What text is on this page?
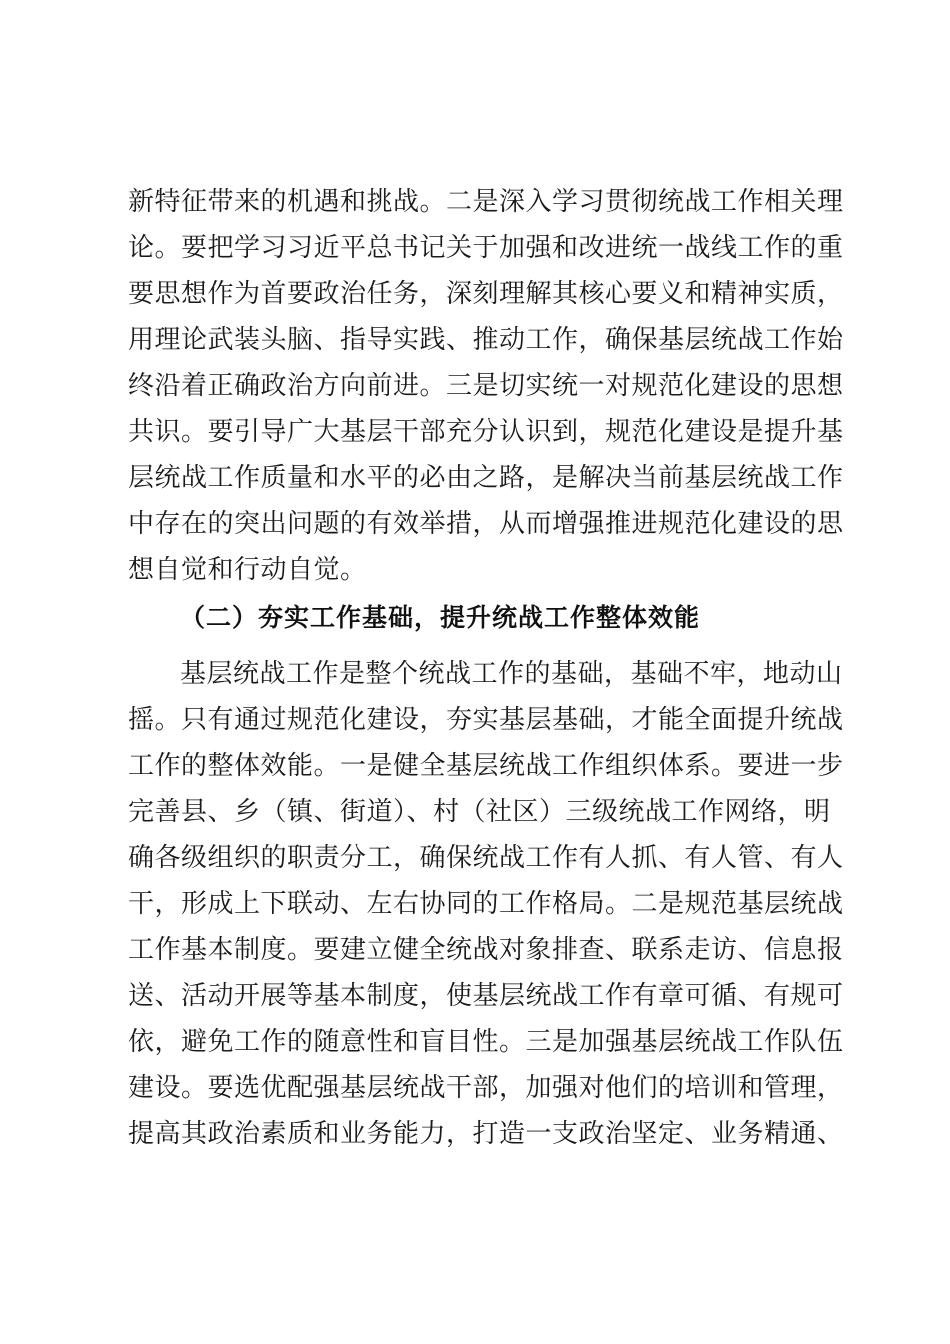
新特征带来的机遇和挑战。二是深入学习贯彻统战工作相关理
论。要把学习习近平总书记关于加强和改进统一战线工作的重
要思想作为首要政治任务，深刻理解其核心要义和精神实质，
用理论武装头脑、指导实践、推动工作，确保基层统战工作始
终沿着正确政治方向前进。三是切实统一对规范化建设的思想
共识。要引导广大基层干部充分认识到，规范化建设是提升基
层统战工作质量和水平的必由之路，是解决当前基层统战工作
中存在的突出问题的有效举措，从而增强推进规范化建设的思
想自觉和行动自觉。
（二）夯实工作基础，提升统战工作整体效能
基层统战工作是整个统战工作的基础，基础不牢，地动山
摇。只有通过规范化建设，夯实基层基础，才能全面提升统战
工作的整体效能。一是健全基层统战工作组织体系。要进一步
完善县、乡（镇、街道）、村（社区）三级统战工作网络，明
确各级组织的职责分工，确保统战工作有人抓、有人管、有人
干，形成上下联动、左右协同的工作格局。二是规范基层统战
工作基本制度。要建立健全统战对象排查、联系走访、信息报
送、活动开展等基本制度，使基层统战工作有章可循、有规可
依，避免工作的随意性和盲目性。三是加强基层统战工作队伍
建设。要选优配强基层统战干部，加强对他们的培训和管理，
提高其政治素质和业务能力，打造一支政治坚定、业务精通、
